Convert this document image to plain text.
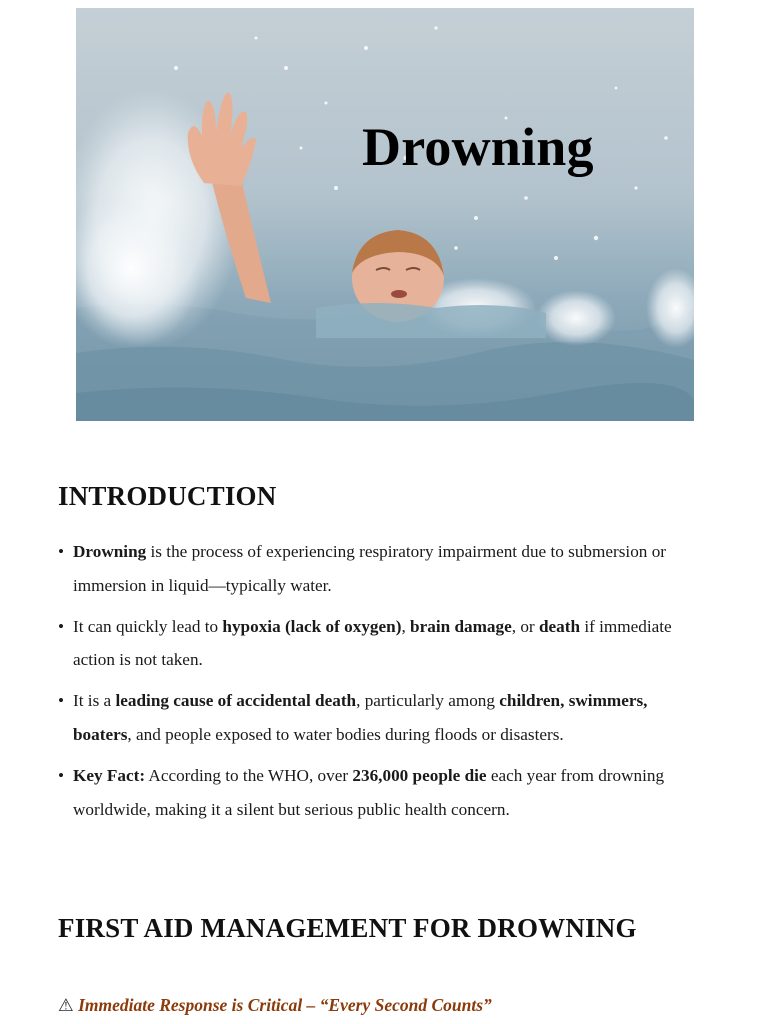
Drowning
INTRODUCTION
• Drowning is the process of experiencing respiratory impairment due to submersion or immersion in liquid—typically water.
• It can quickly lead to hypoxia (lack of oxygen), brain damage, or death if immediate action is not taken.
• It is a leading cause of accidental death, particularly among children, swimmers, boaters, and people exposed to water bodies during floods or disasters.
• Key Fact: According to the WHO, over 236,000 people die each year from drowning worldwide, making it a silent but serious public health concern.
FIRST AID MANAGEMENT FOR DROWNING
⚠ Immediate Response is Critical – “Every Second Counts”
